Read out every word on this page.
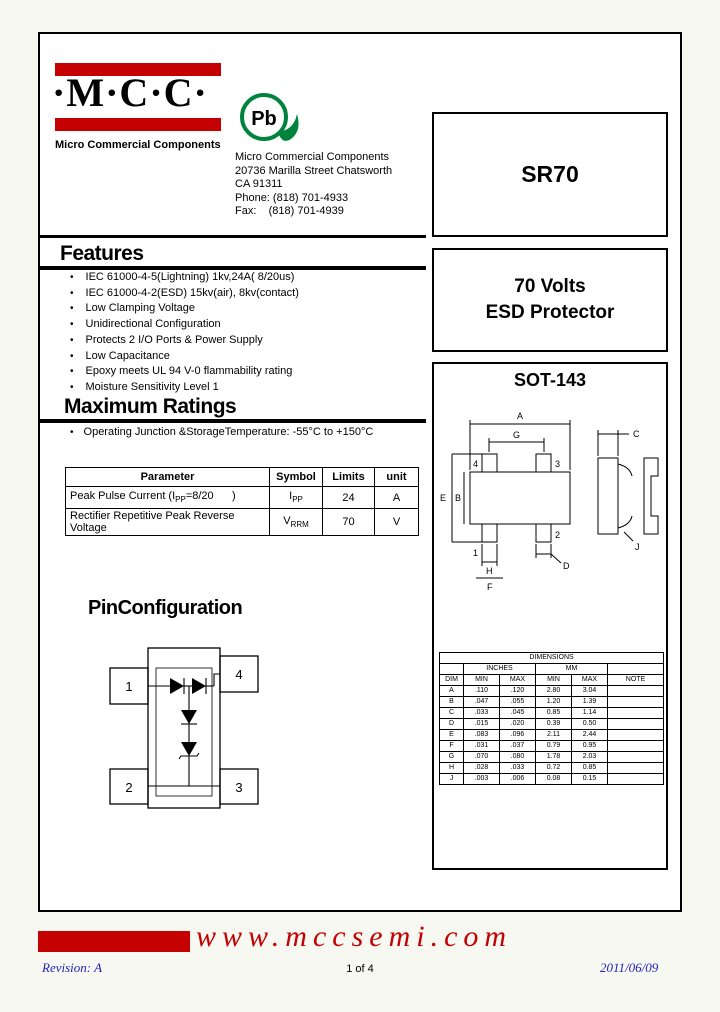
·M·C·C·
Micro Commercial Components
Pb
Micro Commercial Components
20736 Marilla Street Chatsworth
CA 91311
Phone: (818) 701-4933
Fax:    (818) 701-4939
SR70
70 Volts
ESD Protector
SOT-143
A
G
E B
D
H
F
C
J
4	3
1
2
DIMENSIONS					
	INCHES		MM		
DIM	MIN	MAX	MIN	MAX	NOTE
A	.110	.120	2.80	3.04	
B	.047	.055	1.20	1.39	
C	.033	.045	0.85	1.14	
D	.015	.020	0.39	0.50	
E	.083	.096	2.11	2.44	
F	.031	.037	0.79	0.95	
G	.070	.080	1.78	2.03	
H	.028	.033	0.72	0.85	
J	.003	.006	0.08	0.15	
Features
• IEC 61000-4-5(Lightning) 1kv,24A( 8/20us)
• IEC 61000-4-2(ESD) 15kv(air), 8kv(contact)
• Low Clamping Voltage
• Unidirectional Configuration
• Protects 2 I/O Ports & Power Supply
• Low Capacitance
• Epoxy meets UL 94 V-0 flammability rating
• Moisture Sensitivity Level 1
Maximum Ratings
• Operating Junction &StorageTemperature: -55°C to +150°C
Parameter	Symbol	Limits	unit
Peak Pulse Current ($I_{PP}=8/20$      )	$I_{PP}$	24	A
Rectifier Repetitive Peak Reverse Voltage	$V_{RRM}$	70	V
PinConfiguration
1
4
2	3
www.mccsemi.com
Revision: A	1 of 4	2011/06/09
